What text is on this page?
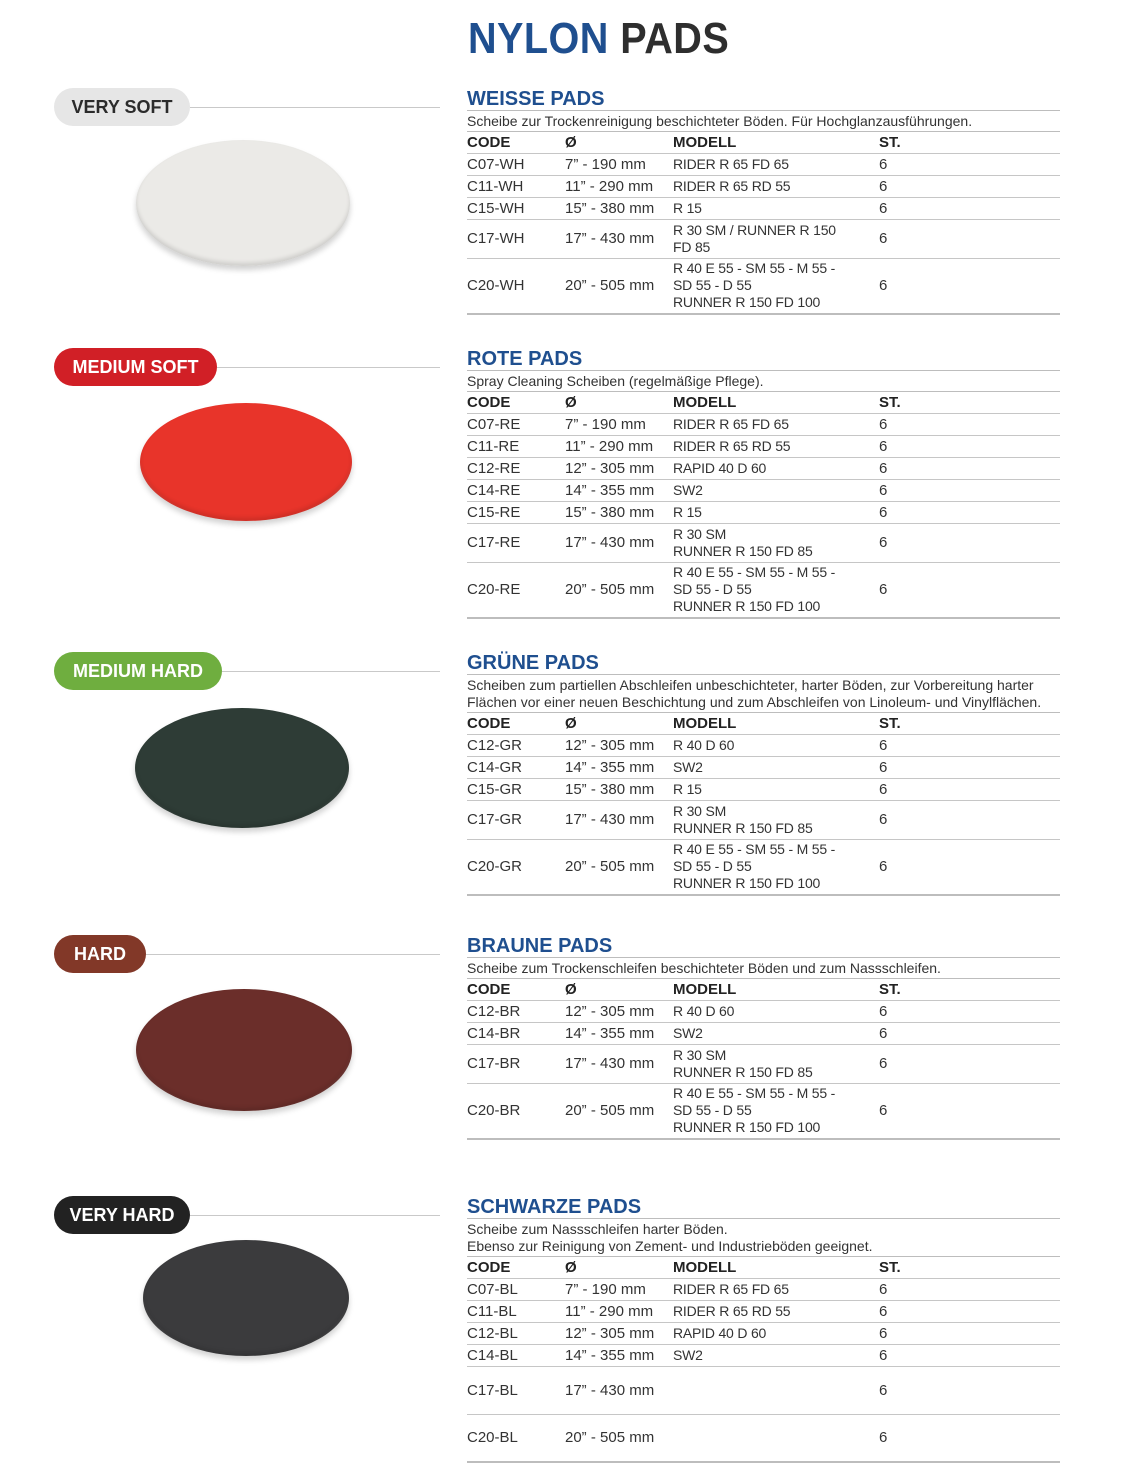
NYLON PADS
VERY SOFT	WEISSE PADS
Scheibe zur Trockenreinigung beschichteter Böden. Für Hochglanzausführungen.
CODE	Ø	MODELL	ST.
C07-WH	7” - 190 mm	RIDER R 65 FD 65	6
C11-WH	11” - 290 mm	RIDER R 65 RD 55	6
C15-WH	15” - 380 mm	R 15	6
C17-WH	17” - 430 mm	R 30 SM / RUNNER R 150
FD 85	6
C20-WH	20” - 505 mm	R 40 E 55 - SM 55 - M 55 -
SD 55 - D 55
RUNNER R 150 FD 100	6
MEDIUM SOFT	ROTE PADS
Spray Cleaning Scheiben (regelmäßige Pflege).
CODE	Ø	MODELL	ST.
C07-RE	7” - 190 mm	RIDER R 65 FD 65	6
C11-RE	11” - 290 mm	RIDER R 65 RD 55	6
C12-RE	12” - 305 mm	RAPID 40 D 60	6
C14-RE	14” - 355 mm	SW2	6
C15-RE	15” - 380 mm	R 15	6
C17-RE	17” - 430 mm	R 30 SM
RUNNER R 150 FD 85	6
C20-RE	20” - 505 mm	R 40 E 55 - SM 55 - M 55 -
SD 55 - D 55
RUNNER R 150 FD 100	6
MEDIUM HARD	GRÜNE PADS
Scheiben zum partiellen Abschleifen unbeschichteter, harter Böden, zur Vorbereitung harter Flächen vor einer neuen Beschichtung und zum Abschleifen von Linoleum- und Vinylflächen.
CODE	Ø	MODELL	ST.
C12-GR	12” - 305 mm	R 40 D 60	6
C14-GR	14” - 355 mm	SW2	6
C15-GR	15” - 380 mm	R 15	6
C17-GR	17” - 430 mm	R 30 SM
RUNNER R 150 FD 85	6
C20-GR	20” - 505 mm	R 40 E 55 - SM 55 - M 55 -
SD 55 - D 55
RUNNER R 150 FD 100	6
HARD	BRAUNE PADS
Scheibe zum Trockenschleifen beschichteter Böden und zum Nassschleifen.
CODE	Ø	MODELL	ST.
C12-BR	12” - 305 mm	R 40 D 60	6
C14-BR	14” - 355 mm	SW2	6
C17-BR	17” - 430 mm	R 30 SM
RUNNER R 150 FD 85	6
C20-BR	20” - 505 mm	R 40 E 55 - SM 55 - M 55 -
SD 55 - D 55
RUNNER R 150 FD 100	6
VERY HARD	SCHWARZE PADS
Scheibe zum Nassschleifen harter Böden.
Ebenso zur Reinigung von Zement- und Industrieböden geeignet.
CODE	Ø	MODELL	ST.
C07-BL	7” - 190 mm	RIDER R 65 FD 65	6
C11-BL	11” - 290 mm	RIDER R 65 RD 55	6
C12-BL	12” - 305 mm	RAPID 40 D 60	6
C14-BL	14” - 355 mm	SW2	6
C17-BL	17” - 430 mm		6
C20-BL	20” - 505 mm		6
